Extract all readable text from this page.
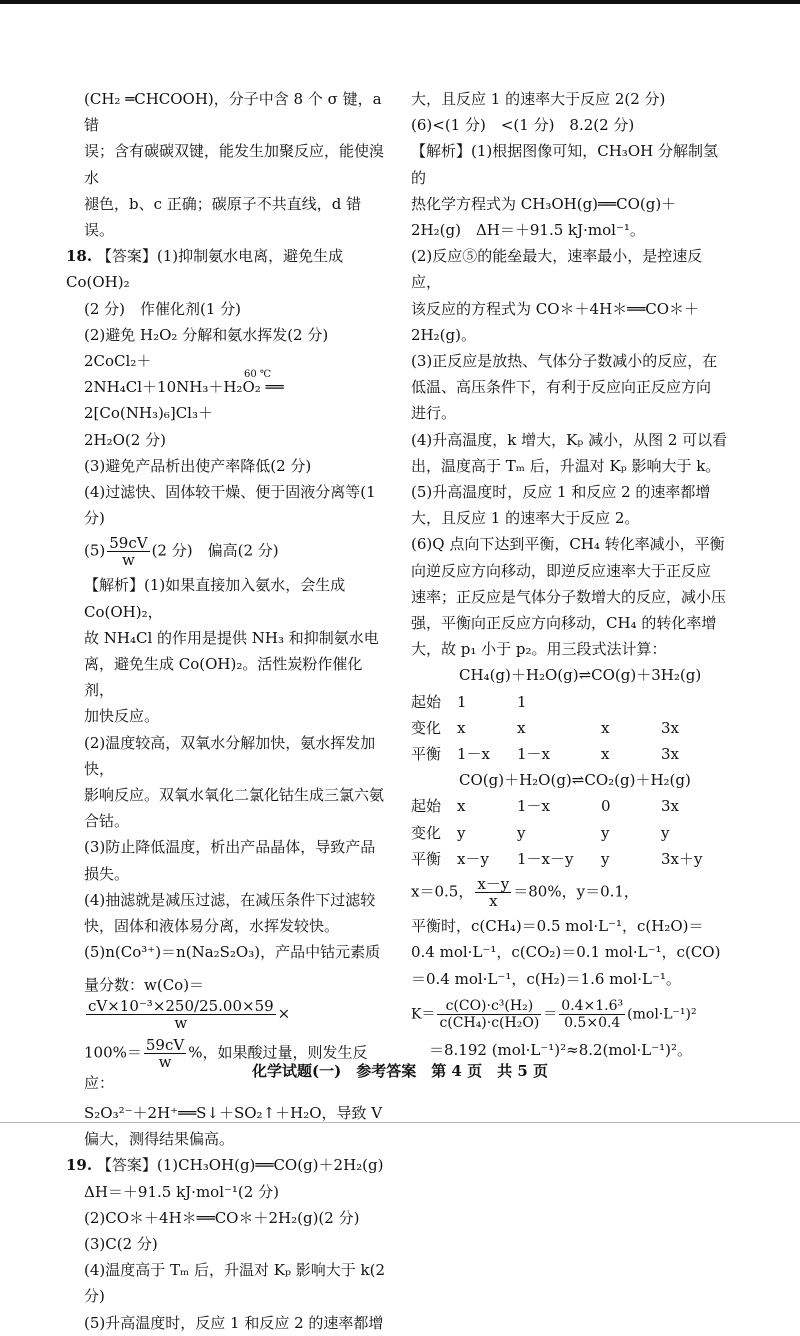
(CH₂ ═CHCOOH)，分子中含 8 个 σ 键，a 错

误；含有碳碳双键，能发生加聚反应，能使溴水

褪色，b、c 正确；碳原子不共直线，d 错误。

18. 【答案】(1)抑制氨水电离，避免生成 Co(OH)₂

(2 分)　作催化剂(1 分)

(2)避免 H₂O₂ 分解和氨水挥发(2 分)　2CoCl₂＋

60 ℃
2NH₄Cl＋10NH₃＋H₂O₂ ══ 2[Co(NH₃)₆]Cl₃＋

2H₂O(2 分)

(3)避免产品析出使产率降低(2 分)

(4)过滤快、固体较干燥、便于固液分离等(1 分)

$(5) \frac{59cV}{w} (2$ 分)　偏高(2 分)

【解析】(1)如果直接加入氨水，会生成 Co(OH)₂，

故 NH₄Cl 的作用是提供 NH₃ 和抑制氨水电

离，避免生成 Co(OH)₂。活性炭粉作催化剂，

加快反应。

(2)温度较高，双氧水分解加快，氨水挥发加快，

影响反应。双氧水氧化二氯化钴生成三氯六氨

合钴。

(3)防止降低温度，析出产品晶体，导致产品

损失。

(4)抽滤就是减压过滤，在减压条件下过滤较

快，固体和液体易分离，水挥发较快。

(5)n(Co³⁺)＝n(Na₂S₂O₃)，产品中钴元素质

量分数：w(Co)＝
$\frac{\text{cV×10⁻³×250/25.00×59}}{w}$ ×

$100\%= \frac{59cV}{w}$ %，如果酸过量，则发生反应：

S₂O₃²⁻＋2H⁺══S↓＋SO₂↑＋H₂O，导致 V

偏大，测得结果偏高。

19. 【答案】(1)CH₃OH(g)══CO(g)＋2H₂(g)

ΔH＝＋91.5 kJ·mol⁻¹(2 分)

(2)CO＊＋4H＊══CO＊＋2H₂(g)(2 分)

(3)C(2 分)

(4)温度高于 Tₘ 后，升温对 Kₚ 影响大于 k(2 分)

(5)升高温度时，反应 1 和反应 2 的速率都增

大，且反应 1 的速率大于反应 2(2 分)

(6)<(1 分)　<(1 分)　8.2(2 分)

【解析】(1)根据图像可知，CH₃OH 分解制氢的

热化学方程式为 CH₃OH(g)══CO(g)＋

2H₂(g)　ΔH＝＋91.5 kJ·mol⁻¹。

(2)反应⑤的能垒最大，速率最小，是控速反应，

该反应的方程式为 CO＊＋4H＊══CO＊＋

2H₂(g)。

(3)正反应是放热、气体分子数减小的反应，在

低温、高压条件下，有利于反应向正反应方向

进行。

(4)升高温度，k 增大，Kₚ 减小，从图 2 可以看

出，温度高于 Tₘ 后，升温对 Kₚ 影响大于 k。

(5)升高温度时，反应 1 和反应 2 的速率都增

大，且反应 1 的速率大于反应 2。

(6)Q 点向下达到平衡，CH₄ 转化率减小，平衡

向逆反应方向移动，即逆反应速率大于正反应

速率；正反应是气体分子数增大的反应，减小压

强，平衡向正反应方向移动，CH₄ 的转化率增

大，故 p₁ 小于 p₂。用三段式法计算：

CH₄(g)＋H₂O(g)⇌CO(g)＋3H₂(g)

起始	1	1
变化	x	x	x	3x
平衡	1－x	1－x	x	3x

CO(g)＋H₂O(g)⇌CO₂(g)＋H₂(g)

起始	x	1－x	0	3x
变化	y	y	y	y
平衡	x－y	1－x－y	y	3x＋y

x＝0.5， $\frac{x-y}{x} =80\%$，y＝0.1，

平衡时，c(CH₄)＝0.5 mol·L⁻¹，c(H₂O)＝

0.4 mol·L⁻¹，c(CO₂)＝0.1 mol·L⁻¹，c(CO)

＝0.4 mol·L⁻¹，c(H₂)＝1.6 mol·L⁻¹。

$K= \frac{\text{c(CO)·c³(H₂)}}{\text{c(CH₄)·c(H₂O)}} = \frac{\text{0.4×1.6³}}{0.5\times 0.4} (mol\cdot L^{-1})^2$

＝8.192 (mol·L⁻¹)²≈8.2(mol·L⁻¹)²。

化学试题(一)　参考答案　第 4 页　共 5 页
